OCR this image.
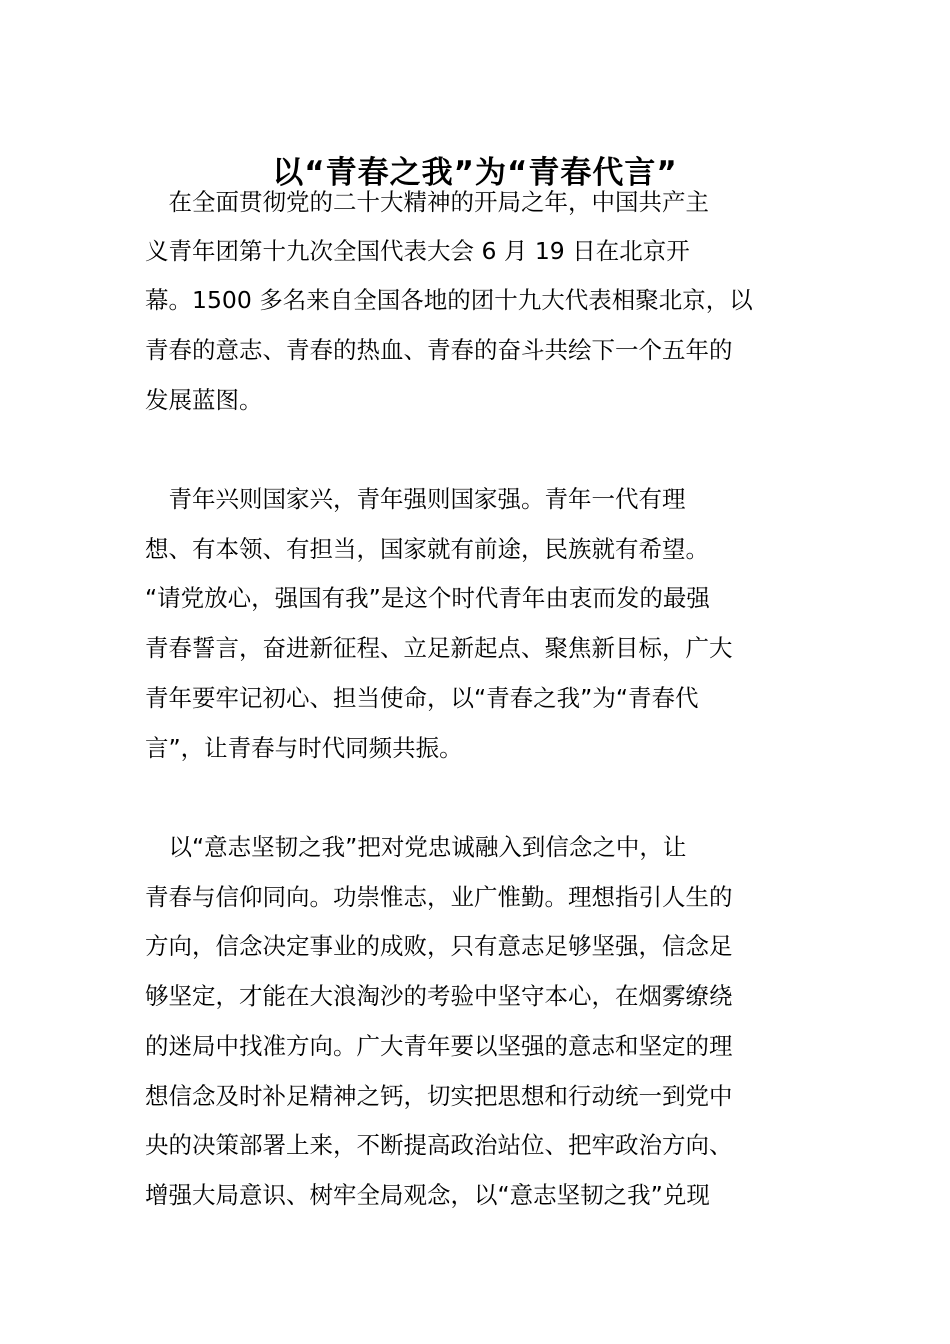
以“青春之我”为“青春代言”

　在全面贯彻党的二十大精神的开局之年，中国共产主

义青年团第十九次全国代表大会 6 月 19 日在北京开

幕。1500 多名来自全国各地的团十九大代表相聚北京，以

青春的意志、青春的热血、青春的奋斗共绘下一个五年的

发展蓝图。

　青年兴则国家兴，青年强则国家强。青年一代有理

想、有本领、有担当，国家就有前途，民族就有希望。

“请党放心，强国有我”是这个时代青年由衷而发的最强

青春誓言，奋进新征程、立足新起点、聚焦新目标，广大

青年要牢记初心、担当使命，以“青春之我”为“青春代

言”，让青春与时代同频共振。

　以“意志坚韧之我”把对党忠诚融入到信念之中，让

青春与信仰同向。功崇惟志，业广惟勤。理想指引人生的

方向，信念决定事业的成败，只有意志足够坚强，信念足

够坚定，才能在大浪淘沙的考验中坚守本心，在烟雾缭绕

的迷局中找准方向。广大青年要以坚强的意志和坚定的理

想信念及时补足精神之钙，切实把思想和行动统一到党中

央的决策部署上来，不断提高政治站位、把牢政治方向、

增强大局意识、树牢全局观念，以“意志坚韧之我”兑现
